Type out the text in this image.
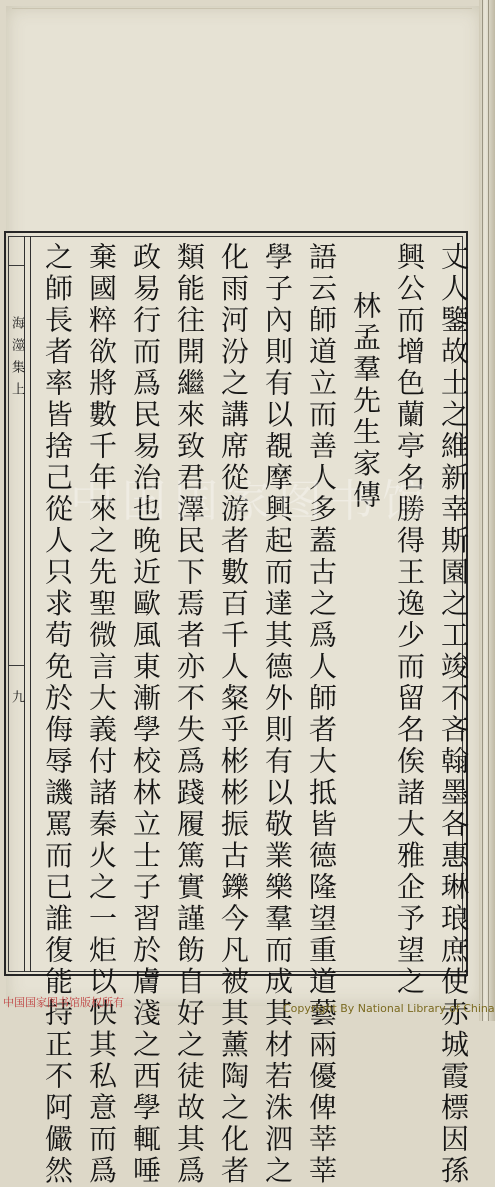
海澨集上
九	丈人鑒故土之維新幸斯園之工竣不吝翰墨各惠琳琅庶使赤城霞標因孫
興公而增色蘭亭名勝得王逸少而留名俟諸大雅企予望之
林孟羣先生家傳
語云師道立而善人多蓋古之爲人師者大抵皆德隆望重道藝兩優俾莘莘
學子內則有以覩摩興起而達其德外則有以敬業樂羣而成其材若洙泗之
化雨河汾之講席從游者數百千人粲乎彬彬振古鑠今凡被其薰陶之化者
類能往開繼來致君澤民下焉者亦不失爲踐履篤實謹飭自好之徒故其爲
政易行而爲民易治也晚近歐風東漸學校林立士子習於膚淺之西學輒唾
棄國粹欲將數千年來之先聖微言大義付諸秦火之一炬以快其私意而爲
之師長者率皆捨己從人只求苟免於侮辱譏罵而已誰復能持正不阿儼然
中国国家图书馆
中国国家图书馆版权所有	Copyright By National Library of China
